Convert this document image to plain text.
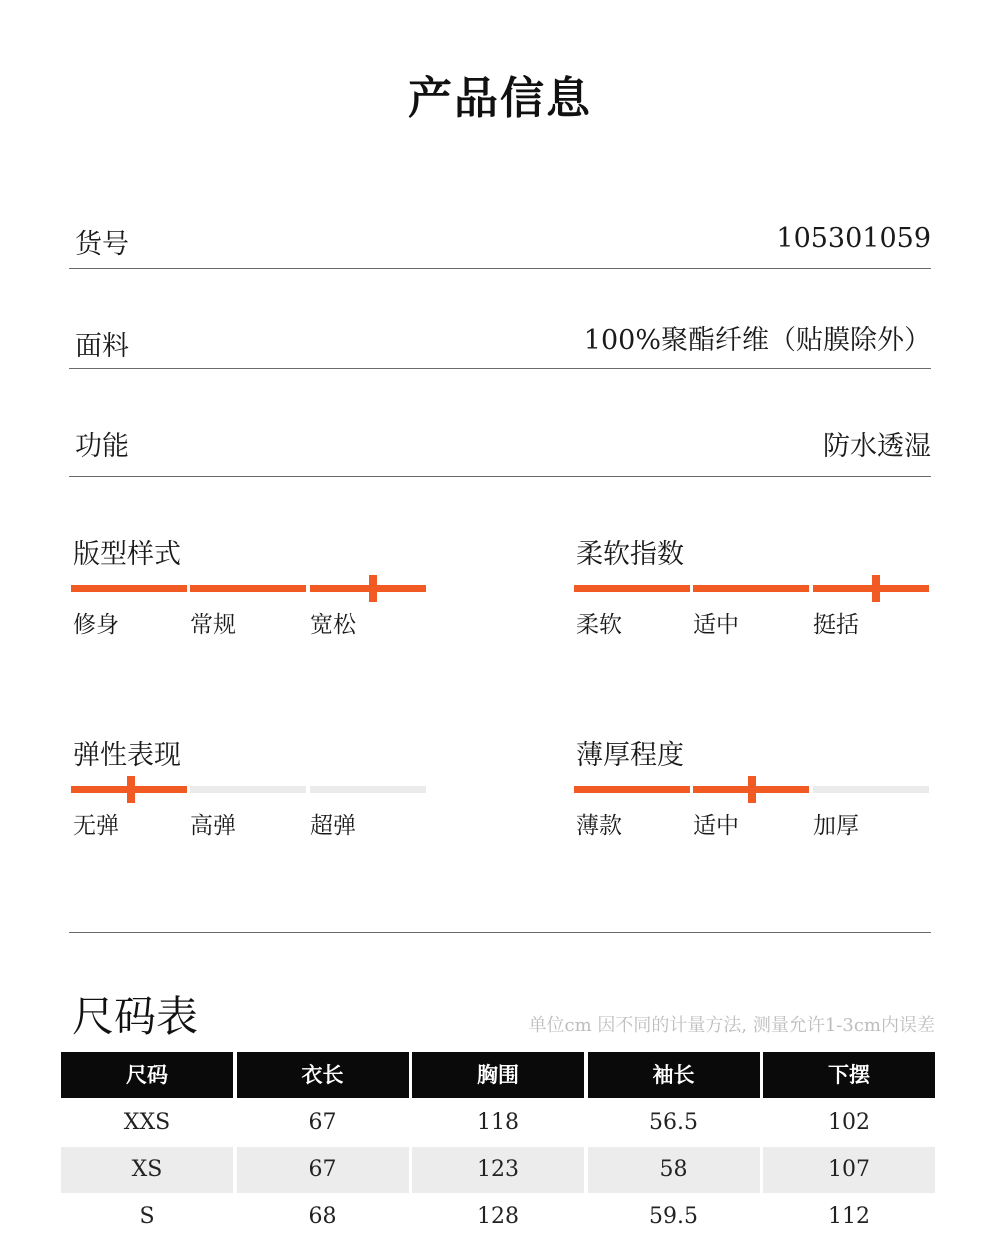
产品信息
货号	105301059
面料	100%聚酯纤维（贴膜除外）
功能	防水透湿
版型样式
修身	常规	宽松
柔软指数
柔软	适中	挺括
弹性表现
无弹	高弹	超弹
薄厚程度
薄款	适中	加厚
尺码表	单位cm 因不同的计量方法, 测量允许1-3cm内误差
尺码	衣长	胸围	袖长	下摆
XXS	67	118	56.5	102
XS	67	123	58	107
S	68	128	59.5	112
